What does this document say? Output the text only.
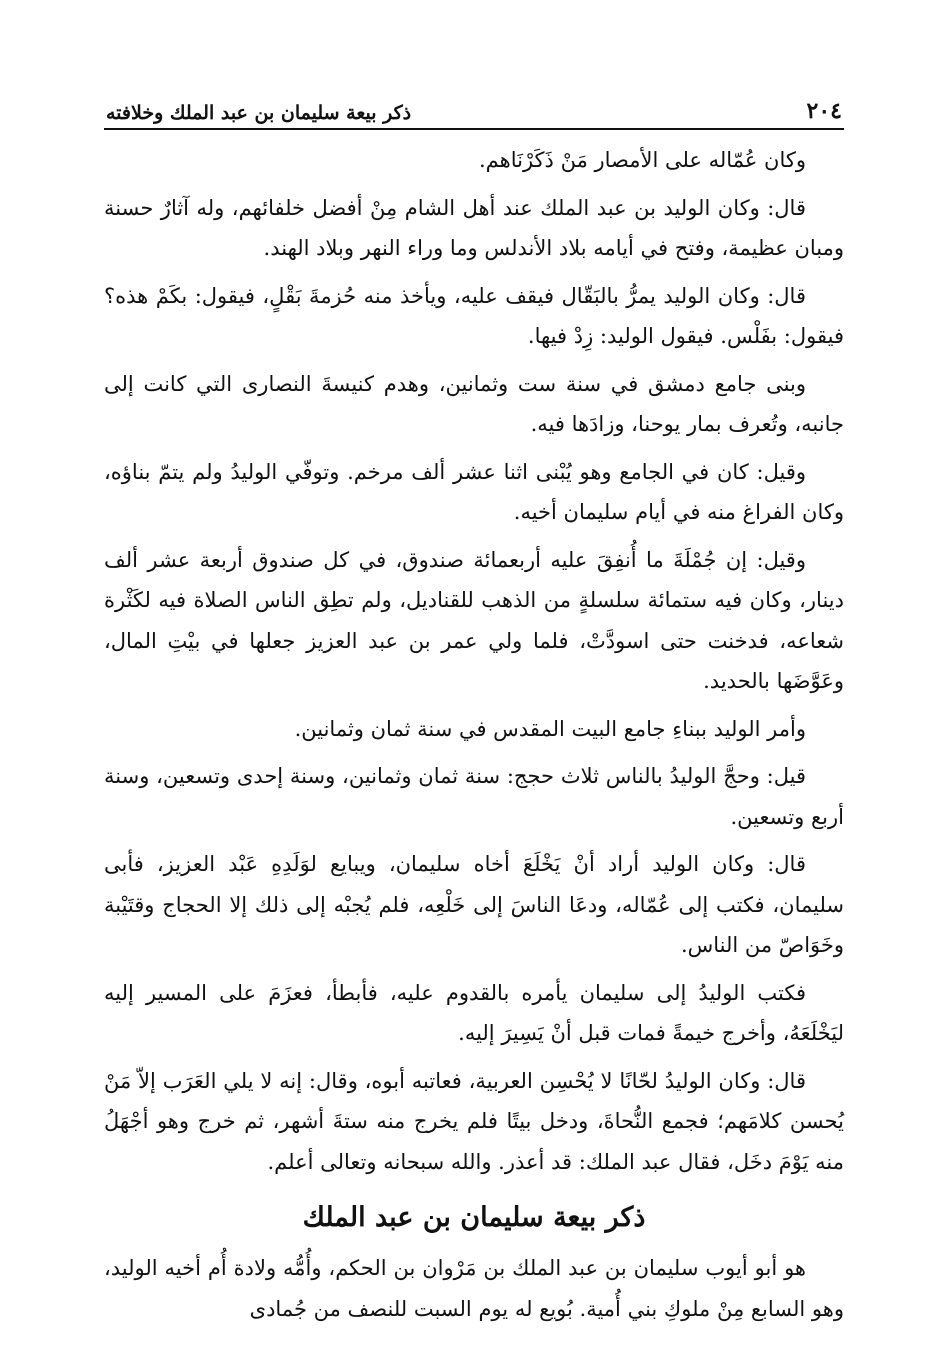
٢٠٤
ذكر بيعة سليمان بن عبد الملك وخلافته

وكان عُمّاله على الأمصار مَنْ ذَكَرْنَاهم.

قال: وكان الوليد بن عبد الملك عند أهل الشام مِنْ أفضل خلفائهم، وله آثارٌ حسنة ومبان عظيمة، وفتح في أيامه بلاد الأندلس وما وراء النهر وبلاد الهند.

قال: وكان الوليد يمرُّ بالبَقّال فيقف عليه، ويأخذ منه حُزمةَ بَقْلٍ، فيقول: بكَمْ هذه؟ فيقول: بفَلْس. فيقول الوليد: زِدْ فيها.

وبنى جامع دمشق في سنة ست وثمانين، وهدم كنيسةَ النصارى التي كانت إلى جانبه، وتُعرف بمار يوحنا، وزادَها فيه.

وقيل: كان في الجامع وهو يُبْنى اثنا عشر ألف مرخم. وتوفّي الوليدُ ولم يتمّ بناؤه، وكان الفراغ منه في أيام سليمان أخيه.

وقيل: إن جُمْلَةَ ما أُنفِقَ عليه أربعمائة صندوق، في كل صندوق أربعة عشر ألف دينار، وكان فيه ستمائة سلسلةٍ من الذهب للقناديل، ولم تطِق الناس الصلاة فيه لكَثْرة شعاعه، فدخنت حتى اسودَّتْ، فلما ولي عمر بن عبد العزيز جعلها في بيْتِ المال، وعَوَّضَها بالحديد.

وأمر الوليد ببناءِ جامع البيت المقدس في سنة ثمان وثمانين.

قيل: وحجَّ الوليدُ بالناس ثلاث حجج: سنة ثمان وثمانين، وسنة إحدى وتسعين، وسنة أربع وتسعين.

قال: وكان الوليد أراد أنْ يَخْلَعَ أخاه سليمان، ويبايع لوَلَدِهِ عَبْد العزيز، فأبى سليمان، فكتب إلى عُمّاله، ودعَا الناسَ إلى خَلْعِه، فلم يُجبْه إلى ذلك إلا الحجاج وقتَيْبة وخَوَاصّ من الناس.

فكتب الوليدُ إلى سليمان يأمره بالقدوم عليه، فأبطأ، فعزَمَ على المسير إليه ليَخْلَعَهُ، وأخرج خيمةً فمات قبل أنْ يَسِيرَ إليه.

قال: وكان الوليدُ لحّانًا لا يُحْسِن العربية، فعاتبه أبوه، وقال: إنه لا يلي العَرَب إلاّ مَنْ يُحسن كلامَهم؛ فجمع النُّحاةَ، ودخل بيتًا فلم يخرج منه ستةَ أشهر، ثم خرج وهو أجْهَلُ منه يَوْمَ دخَل، فقال عبد الملك: قد أعذر. والله سبحانه وتعالى أعلم.

ذكر بيعة سليمان بن عبد الملك

هو أبو أيوب سليمان بن عبد الملك بن مَرْوان بن الحكم، وأُمُّه ولادة أُم أخيه الوليد، وهو السابع مِنْ ملوكِ بني أُمية. بُويع له يوم السبت للنصف من جُمادى
